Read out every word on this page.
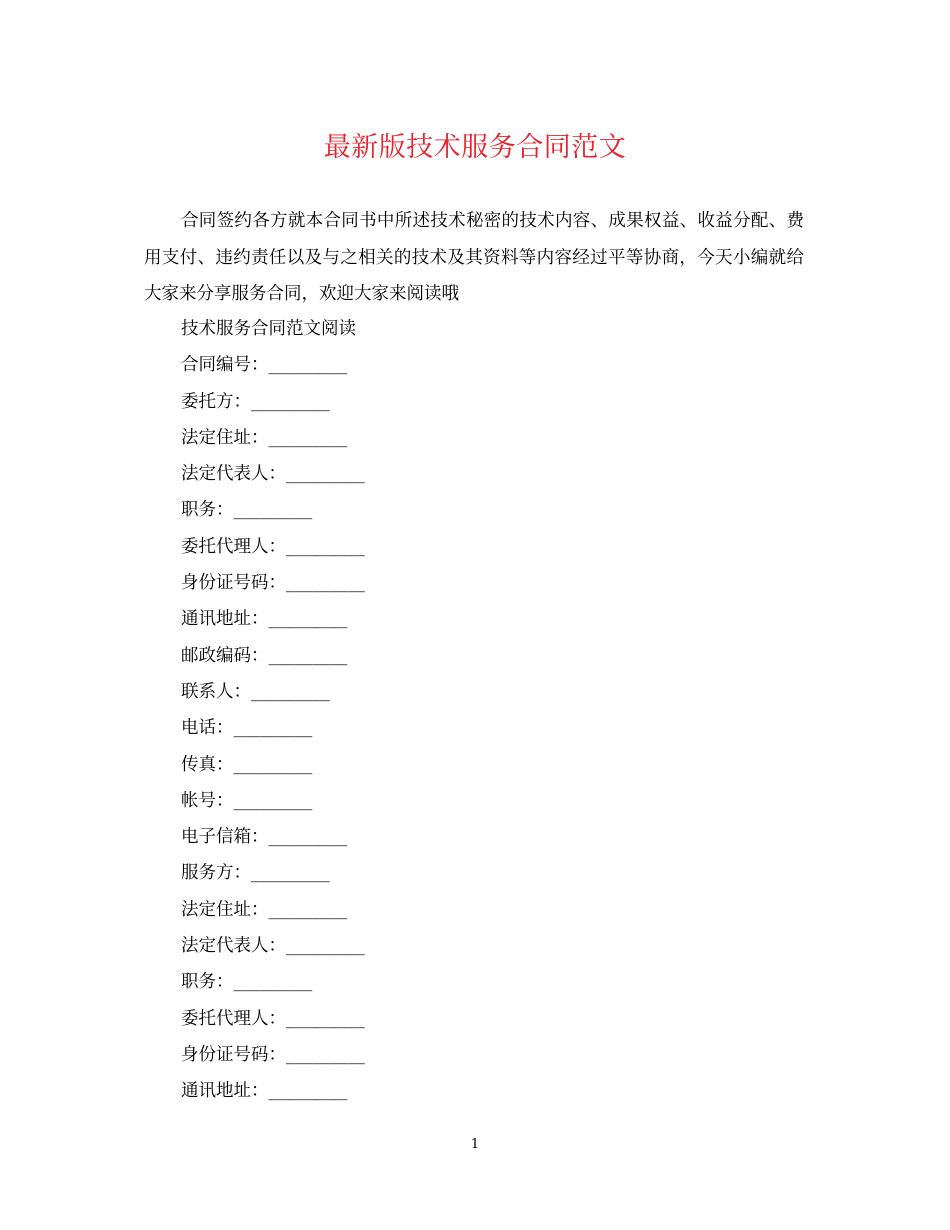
最新版技术服务合同范文

合同签约各方就本合同书中所述技术秘密的技术内容、成果权益、收益分配、费用支付、违约责任以及与之相关的技术及其资料等内容经过平等协商，今天小编就给大家来分享服务合同，欢迎大家来阅读哦

技术服务合同范文阅读
合同编号：_________
委托方：_________
法定住址：_________
法定代表人：_________
职务：_________
委托代理人：_________
身份证号码：_________
通讯地址：_________
邮政编码：_________
联系人：_________
电话：_________
传真：_________
帐号：_________
电子信箱：_________
服务方：_________
法定住址：_________
法定代表人：_________
职务：_________
委托代理人：_________
身份证号码：_________
通讯地址：_________
1
